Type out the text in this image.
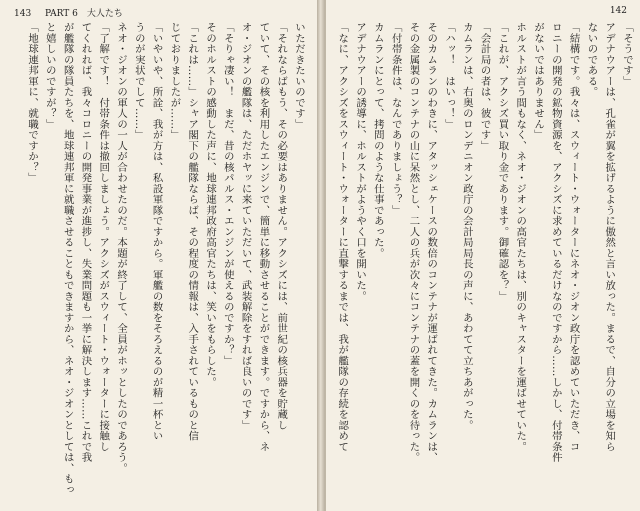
143 PART 6　大人たち

いただきたいのです」

「それならばもう、その必要はありません。アクシズには、前世紀の核兵器を貯蔵し

ていて、その核を利用したエンジンで、簡単に移動させることができます。ですから、ネ

オ・ジオンの艦隊は、ただホヤッに来ていただいて、武装解除をすれば良いのです」

「そりゃ凄い！　まだ、昔の核パルス・エンジンが使えるのですか？」

そのホルストの感動した声に、地球連邦政府高官たちは、笑いをもらした。

「これは……」シャア閣下の艦隊ならば、その程度の情報は、入手されているものと信

じておりましたが……」

「いやいや、所詮、我が方は、私設軍隊ですから。軍艦の数をそろえるのが精一杯とい

うのが実状でして……」

ネオ・ジオンの軍人の一人が合わせたのだ。本題が終了して、全員がホッとしたのであろう。

「了解です！　付帯条件は撤回しましょう。アクシズがスウィート・ウォーターに接触し

てくれれば、我々コロニーの開発事業が進捗し、失業問題も一挙に解決します……これで我

が艦隊の隊員たちを、地球連邦軍に就職させることもできますから、ネオ・ジオンとしては、もっ

と嬉しいのですが？」

「地球連邦軍に、就職ですか？」

142

「そうです」

アデナウアーは、孔雀が翼を拡げるように傲然と言い放った。まるで、自分の立場を知ら

ないのである。

「結構です。我々は、スウィート・ウォーターにネオ・ジオン政庁を認めていただき、コ

ロニーの開発の鉱物資源を、アクシズに求めているだけなのですから……しかし、付帯条件

がないではありません」

ホルストが言う間もなく、ネオ・ジオンの高官たちは、別のキャスターを運ばせていた。

「これが、アクシズ買い取り金であります。御確認を？」

「会計局の者は、彼です」

カムランは、右奥のロンデニオン政庁の会計局局長の声に、あわてて立ちあがった。

「ハッ！　はいっ！」

そのカムランのわきに、アタッシェケースの数倍のコンテナが運ばれてきた。カムランは、

その金属製のコンテナの山に呆然とし、二人の兵が次々にコンテナの蓋を開くのを待った。

「付帯条件は、なんでありましょう？」

カムランにとって、拷問のような仕事であった。

アデナウアーの誘導に、ホルストがようやく口を開いた。

「なに、アクシズをスウィート・ウォーターに直撃するまでは、我が艦隊の存続を認めて
